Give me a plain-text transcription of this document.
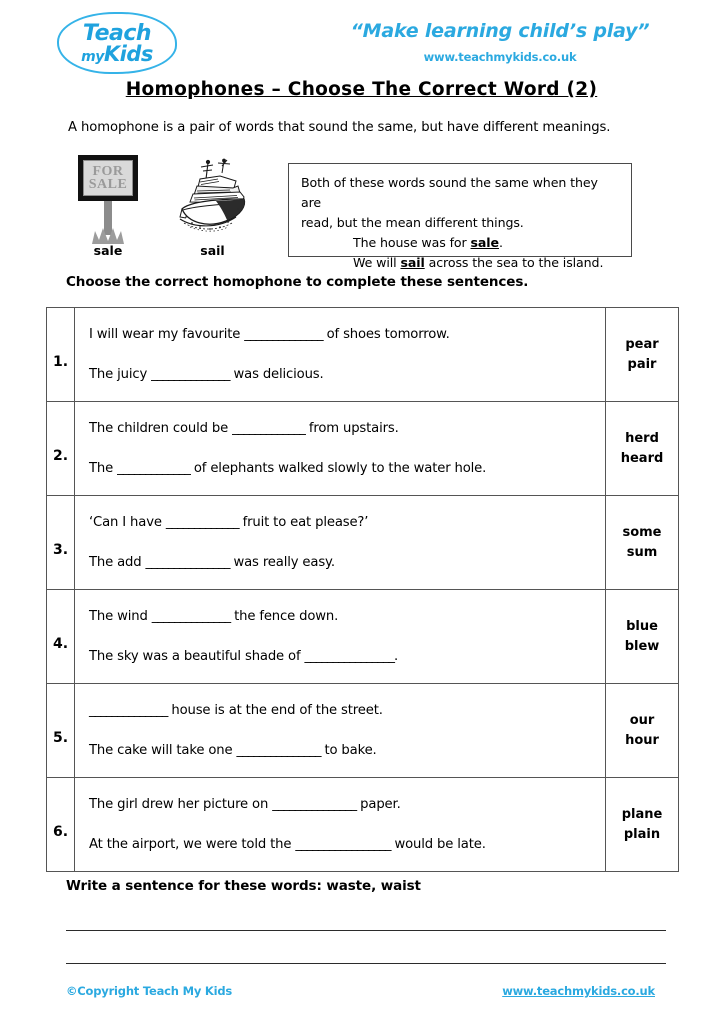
Teach
myKids
“Make learning child’s play”
www.teachmykids.co.uk
Homophones – Choose The Correct Word (2)
A homophone is a pair of words that sound the same, but have different meanings.
FOR
SALE
sale	sail
Both of these words sound the same when they are
read, but the mean different things.
The house was for sale.
We will sail across the sea to the island.
Choose the correct homophone to complete these sentences.
1.	
I will wear my favourite ______________ of shoes tomorrow.
The juicy ______________ was delicious.

pear
pair

2.	
The children could be _____________ from upstairs.
The _____________ of elephants walked slowly to the water hole.

herd
heard

3.	
‘Can I have _____________ fruit to eat please?’
The add _______________ was really easy.

some
sum

4.	
The wind ______________ the fence down.
The sky was a beautiful shade of ________________.

blue
blew

5.	
______________ house is at the end of the street.
The cake will take one _______________ to bake.

our
hour

6.	
The girl drew her picture on _______________ paper.
At the airport, we were told the _________________ would be late.

plane
plain
Write a sentence for these words: waste, waist
©Copyright Teach My Kids	www.teachmykids.co.uk
